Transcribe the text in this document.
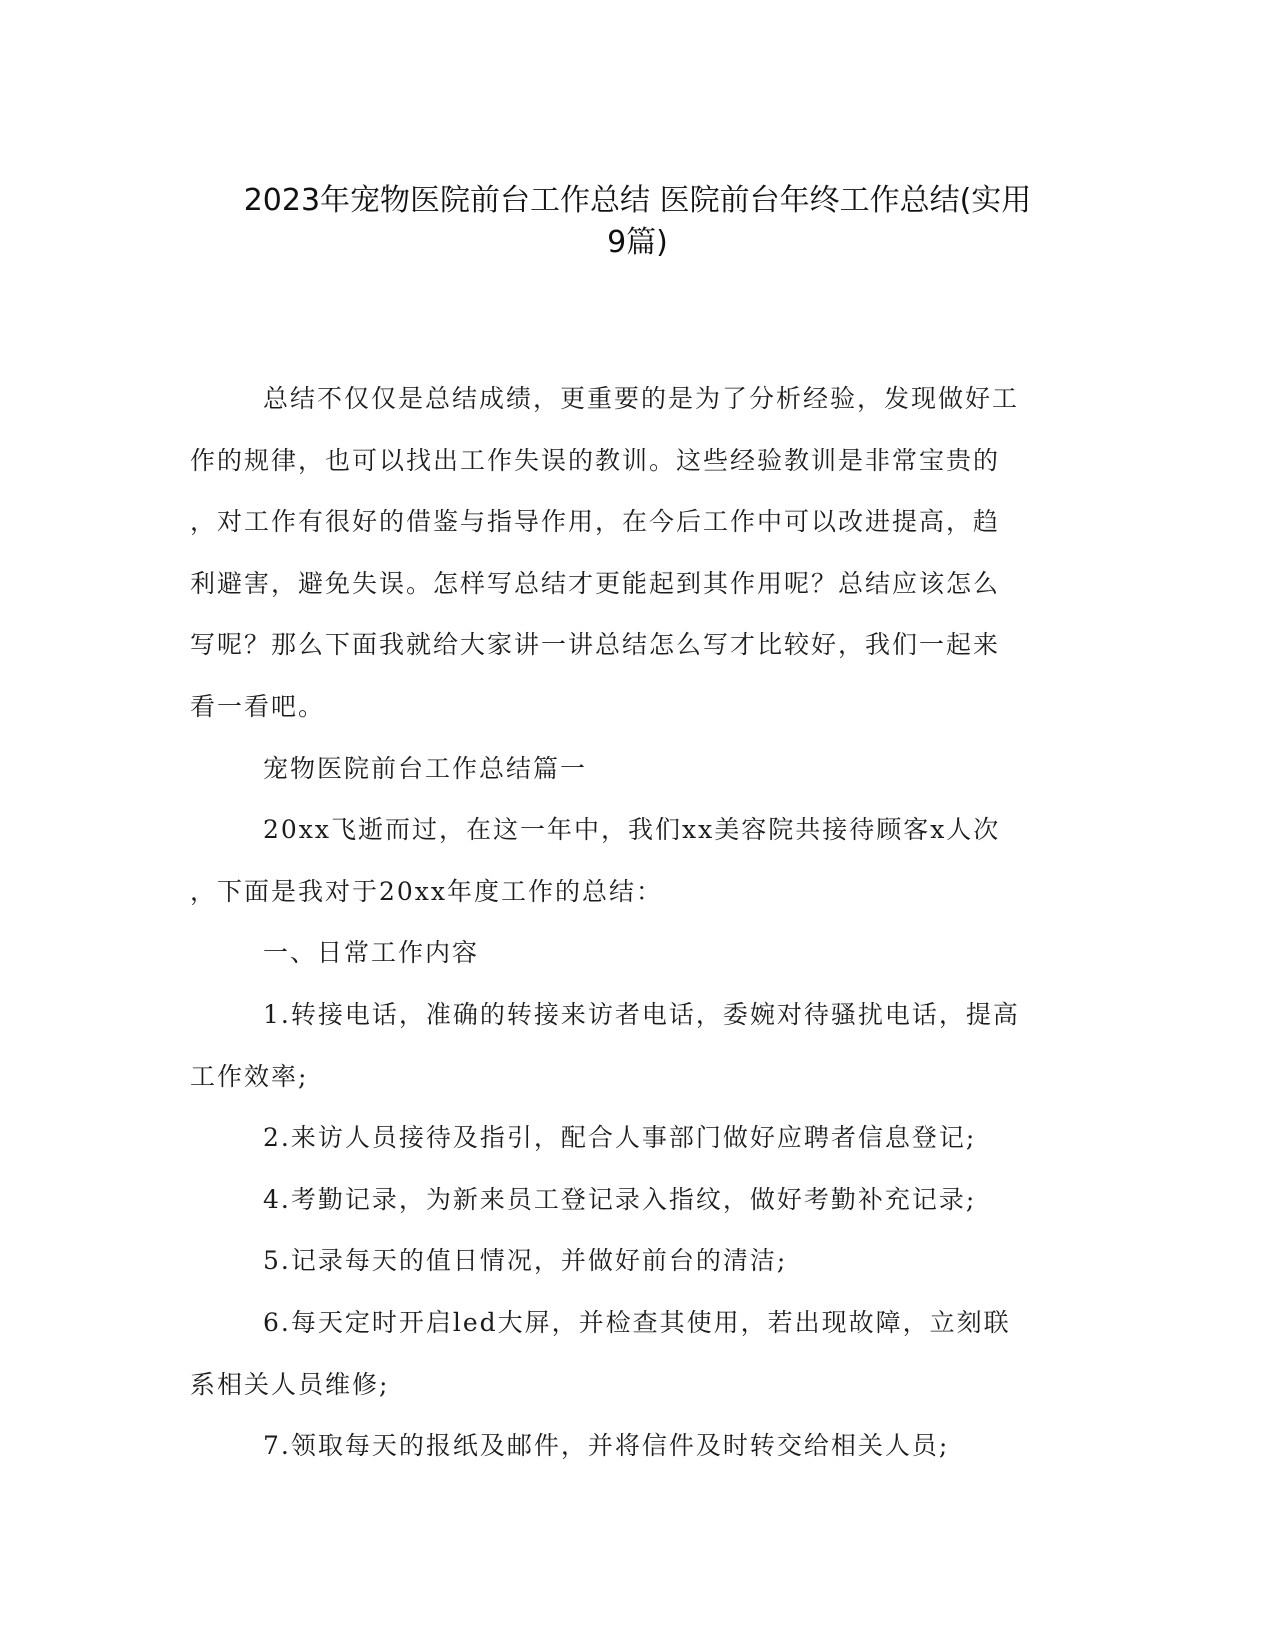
2023年宠物医院前台工作总结 医院前台年终工作总结(实用
9篇)
总结不仅仅是总结成绩，更重要的是为了分析经验，发现做好工
作的规律，也可以找出工作失误的教训。这些经验教训是非常宝贵的
，对工作有很好的借鉴与指导作用，在今后工作中可以改进提高，趋
利避害，避免失误。怎样写总结才更能起到其作用呢？总结应该怎么
写呢？那么下面我就给大家讲一讲总结怎么写才比较好，我们一起来
看一看吧。
宠物医院前台工作总结篇一
20xx飞逝而过，在这一年中，我们xx美容院共接待顾客x人次
，下面是我对于20xx年度工作的总结：
一、日常工作内容
1.转接电话，准确的转接来访者电话，委婉对待骚扰电话，提高
工作效率;
2.来访人员接待及指引，配合人事部门做好应聘者信息登记;
4.考勤记录，为新来员工登记录入指纹，做好考勤补充记录;
5.记录每天的值日情况，并做好前台的清洁;
6.每天定时开启led大屏，并检查其使用，若出现故障，立刻联
系相关人员维修;
7.领取每天的报纸及邮件，并将信件及时转交给相关人员;
